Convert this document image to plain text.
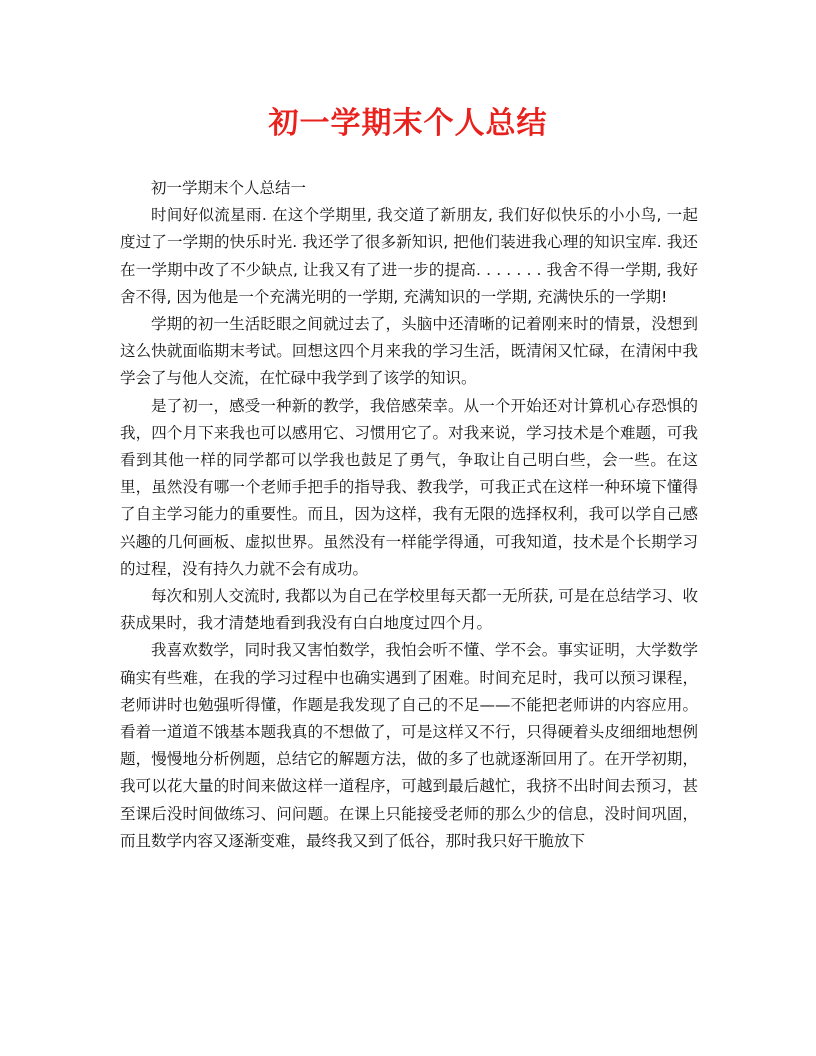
初一学期末个人总结

初一学期末个人总结一

时间好似流星雨. 在这个学期里, 我交道了新朋友, 我们好似快乐的小小鸟, 一起度过了一学期的快乐时光. 我还学了很多新知识, 把他们装进我心理的知识宝库. 我还在一学期中改了不少缺点, 让我又有了进一步的提高. . . . . . . 我舍不得一学期, 我好舍不得, 因为他是一个充满光明的一学期, 充满知识的一学期, 充满快乐的一学期!

学期的初一生活眨眼之间就过去了，头脑中还清晰的记着刚来时的情景，没想到这么快就面临期末考试。回想这四个月来我的学习生活，既清闲又忙碌，在清闲中我学会了与他人交流，在忙碌中我学到了该学的知识。

是了初一，感受一种新的教学，我倍感荣幸。从一个开始还对计算机心存恐惧的我，四个月下来我也可以感用它、习惯用它了。对我来说，学习技术是个难题，可我看到其他一样的同学都可以学我也鼓足了勇气，争取让自己明白些，会一些。在这里，虽然没有哪一个老师手把手的指导我、教我学，可我正式在这样一种环境下懂得了自主学习能力的重要性。而且，因为这样，我有无限的选择权利，我可以学自己感兴趣的几何画板、虚拟世界。虽然没有一样能学得通，可我知道，技术是个长期学习的过程，没有持久力就不会有成功。

每次和别人交流时, 我都以为自己在学校里每天都一无所获, 可是在总结学习、收获成果时，我才清楚地看到我没有白白地度过四个月。

我喜欢数学，同时我又害怕数学，我怕会听不懂、学不会。事实证明，大学数学确实有些难，在我的学习过程中也确实遇到了困难。时间充足时，我可以预习课程，老师讲时也勉强听得懂，作题是我发现了自己的不足——不能把老师讲的内容应用。看着一道道不饿基本题我真的不想做了，可是这样又不行，只得硬着头皮细细地想例题，慢慢地分析例题，总结它的解题方法，做的多了也就逐渐回用了。在开学初期，我可以花大量的时间来做这样一道程序，可越到最后越忙，我挤不出时间去预习，甚至课后没时间做练习、问问题。在课上只能接受老师的那么少的信息，没时间巩固，而且数学内容又逐渐变难，最终我又到了低谷，那时我只好干脆放下
